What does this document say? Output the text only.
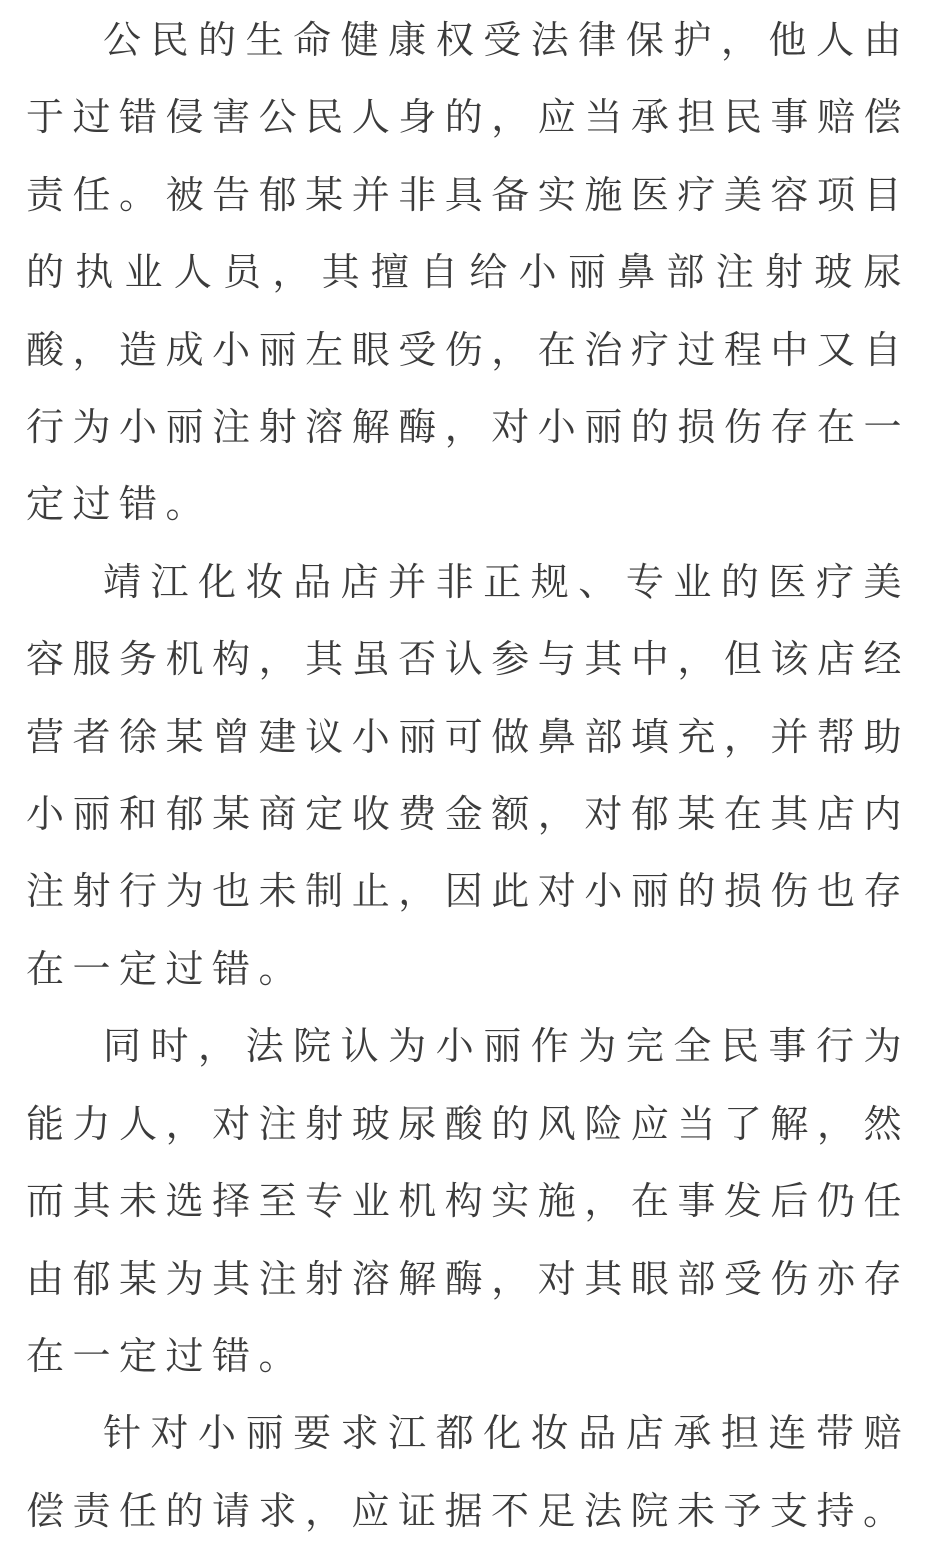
公民的生命健康权受法律保护，他人由于过错侵害公民人身的，应当承担民事赔偿责任。被告郁某并非具备实施医疗美容项目的执业人员，其擅自给小丽鼻部注射玻尿酸，造成小丽左眼受伤，在治疗过程中又自行为小丽注射溶解酶，对小丽的损伤存在一定过错。

靖江化妆品店并非正规、专业的医疗美容服务机构，其虽否认参与其中，但该店经营者徐某曾建议小丽可做鼻部填充，并帮助小丽和郁某商定收费金额，对郁某在其店内注射行为也未制止，因此对小丽的损伤也存在一定过错。

同时，法院认为小丽作为完全民事行为能力人，对注射玻尿酸的风险应当了解，然而其未选择至专业机构实施，在事发后仍任由郁某为其注射溶解酶，对其眼部受伤亦存在一定过错。

针对小丽要求江都化妆品店承担连带赔偿责任的请求，应证据不足法院未予支持。
